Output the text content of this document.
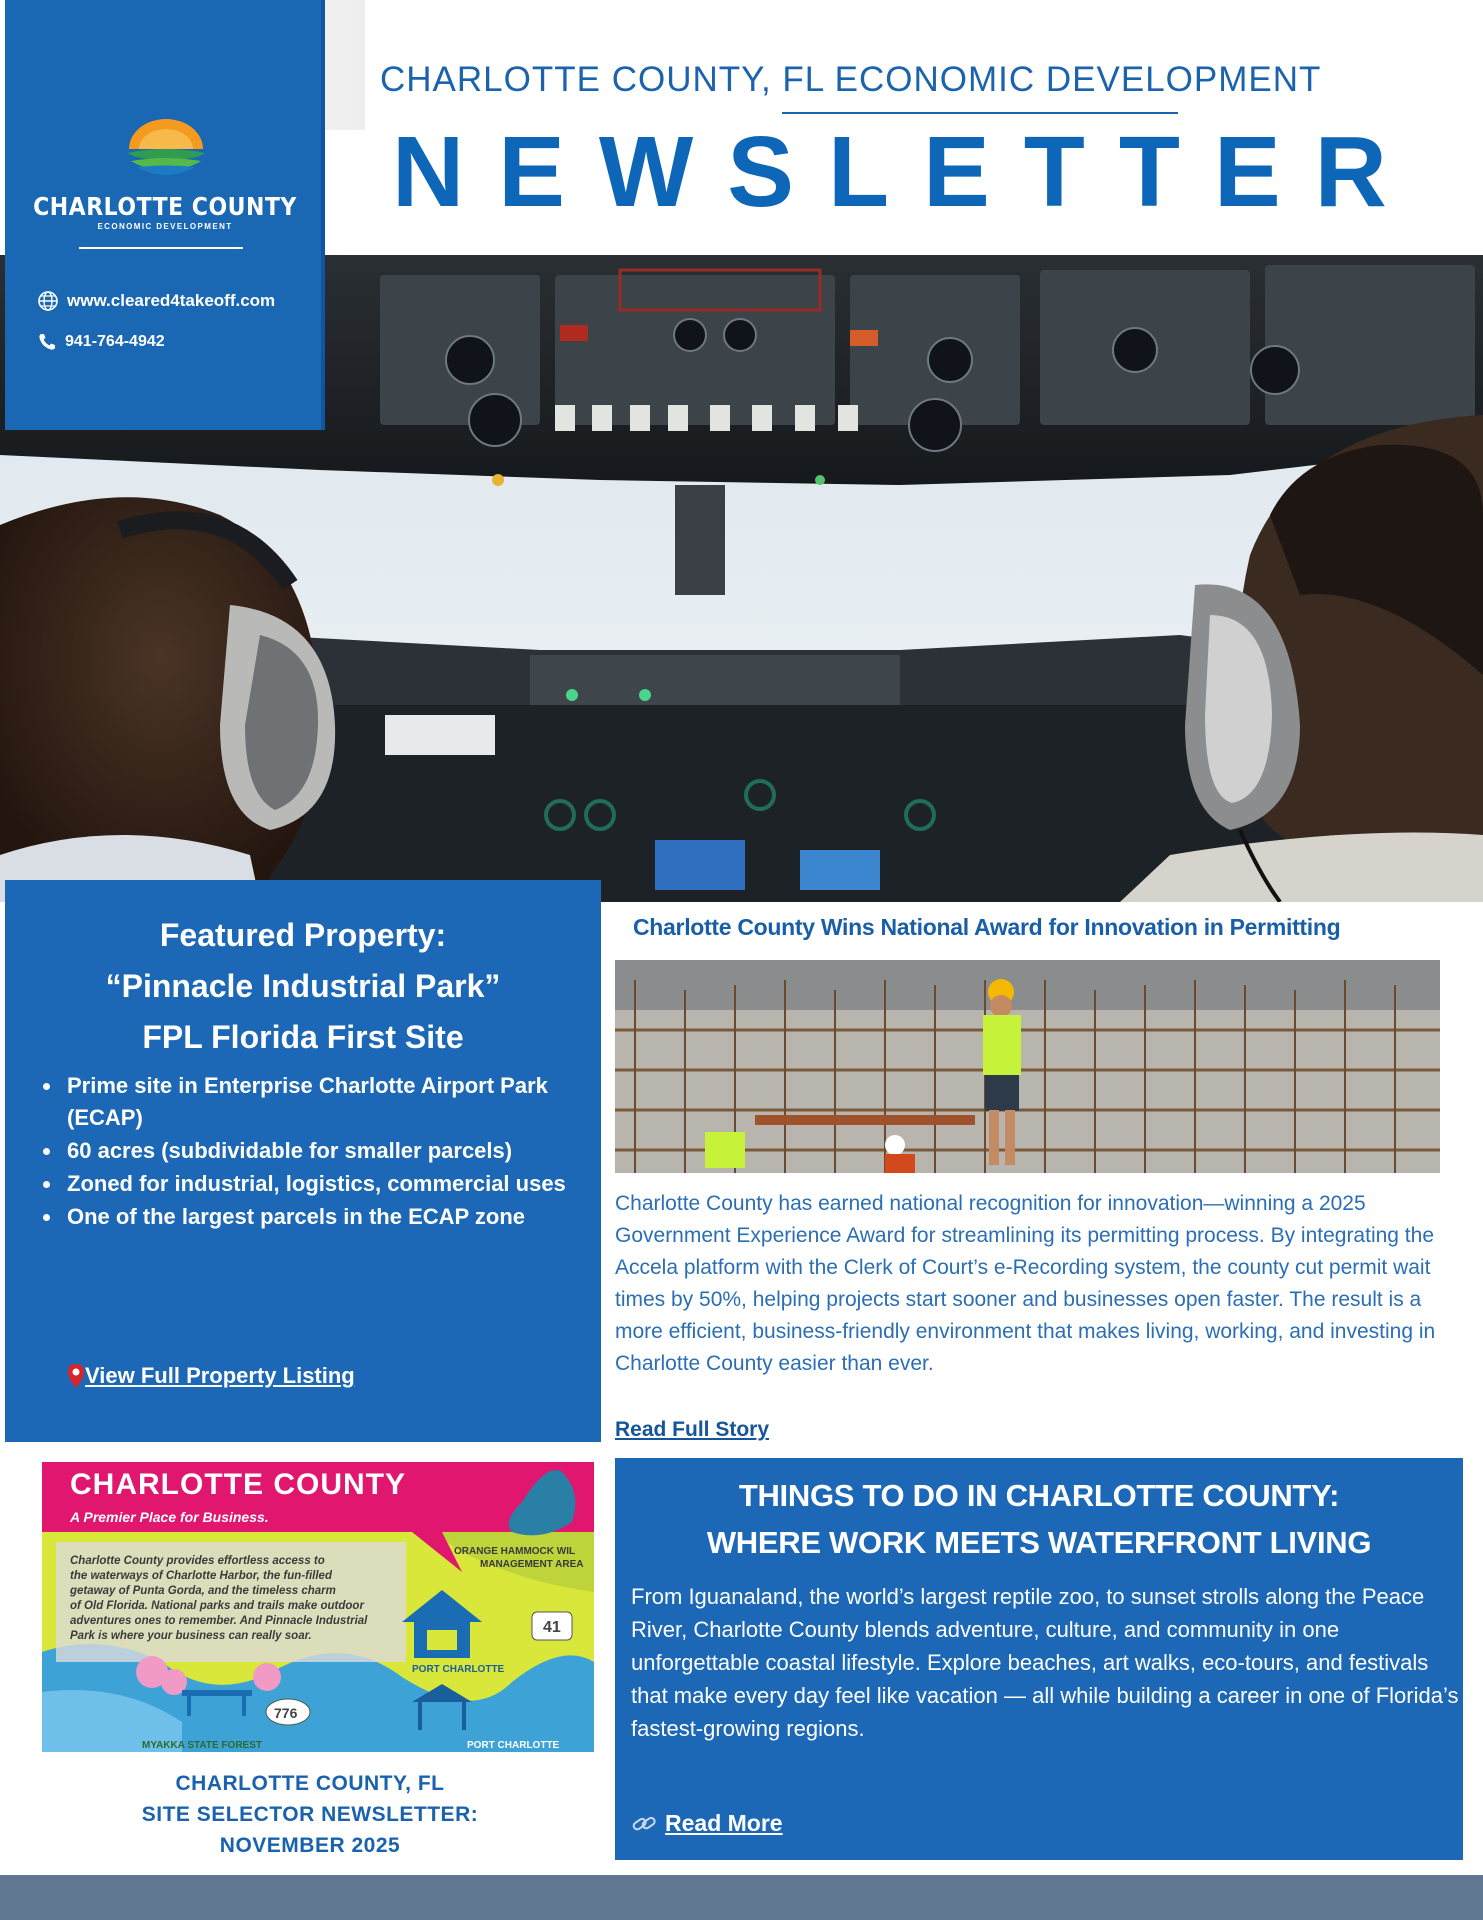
CHARLOTTE COUNTY
ECONOMIC DEVELOPMENT
www.cleared4takeoff.com
941-764-4942
CHARLOTTE COUNTY, FL ECONOMIC DEVELOPMENT
NEWSLETTER
Featured Property:
“Pinnacle Industrial Park”
FPL Florida First Site
Prime site in Enterprise Charlotte Airport Park (ECAP)
60 acres (subdividable for smaller parcels)
Zoned for industrial, logistics, commercial uses
One of the largest parcels in the ECAP zone
View Full Property Listing
Charlotte County Wins National Award for Innovation in Permitting
Charlotte County has earned national recognition for innovation—winning a 2025 Government Experience Award for streamlining its permitting process. By integrating the Accela platform with the Clerk of Court’s e-Recording system, the county cut permit wait times by 50%, helping projects start sooner and businesses open faster. The result is a more efficient, business-friendly environment that makes living, working, and investing in Charlotte County easier than ever.
Read Full Story
CHARLOTTE COUNTY
A Premier Place for Business.
Charlotte County provides effortless access to
the waterways of Charlotte Harbor, the fun-filled
getaway of Punta Gorda, and the timeless charm
of Old Florida. National parks and trails make outdoor
adventures ones to remember. And Pinnacle Industrial
Park is where your business can really soar.
ORANGE HAMMOCK WIL
MANAGEMENT AREA
PORT CHARLOTTE
PORT CHARLOTTE
MYAKKA STATE FOREST
41
776
CHARLOTTE COUNTY, FL
SITE SELECTOR NEWSLETTER:
NOVEMBER 2025
THINGS TO DO IN CHARLOTTE COUNTY:
WHERE WORK MEETS WATERFRONT LIVING
From Iguanaland, the world’s largest reptile zoo, to sunset strolls along the Peace River, Charlotte County blends adventure, culture, and community in one unforgettable coastal lifestyle. Explore beaches, art walks, eco-tours, and festivals that make every day feel like vacation — all while building a career in one of Florida’s fastest-growing regions.
Read More
